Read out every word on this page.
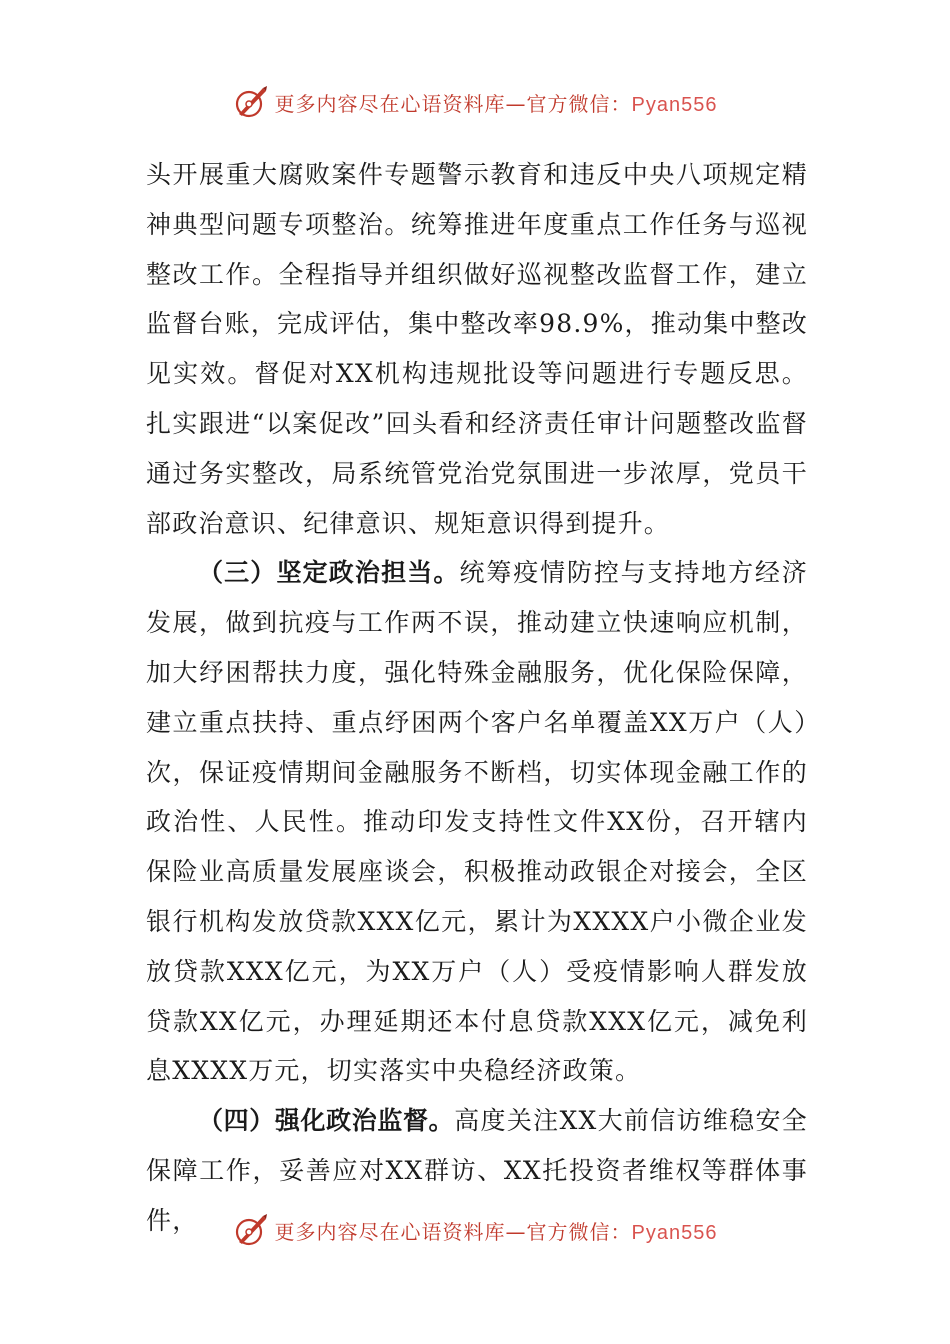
更多内容尽在心语资料库—官方微信：Pyan556

头开展重大腐败案件专题警示教育和违反中央八项规定精神典型问题专项整治。统筹推进年度重点工作任务与巡视整改工作。全程指导并组织做好巡视整改监督工作，建立监督台账，完成评估，集中整改率98.9%，推动集中整改见实效。督促对XX机构违规批设等问题进行专题反思。扎实跟进“以案促改”回头看和经济责任审计问题整改监督通过务实整改，局系统管党治党氛围进一步浓厚，党员干部政治意识、纪律意识、规矩意识得到提升。

（三）坚定政治担当。统筹疫情防控与支持地方经济发展，做到抗疫与工作两不误，推动建立快速响应机制，加大纾困帮扶力度，强化特殊金融服务，优化保险保障，建立重点扶持、重点纾困两个客户名单覆盖XX万户（人）次，保证疫情期间金融服务不断档，切实体现金融工作的政治性、人民性。推动印发支持性文件XX份，召开辖内保险业高质量发展座谈会，积极推动政银企对接会，全区银行机构发放贷款XXX亿元，累计为XXXX户小微企业发放贷款XXX亿元，为XX万户（人）受疫情影响人群发放贷款XX亿元，办理延期还本付息贷款XXX亿元，减免利息XXXX万元，切实落实中央稳经济政策。

（四）强化政治监督。高度关注XX大前信访维稳安全保障工作，妥善应对XX群访、XX托投资者维权等群体事件，	更多内容尽在心语资料库—官方微信：Pyan556
